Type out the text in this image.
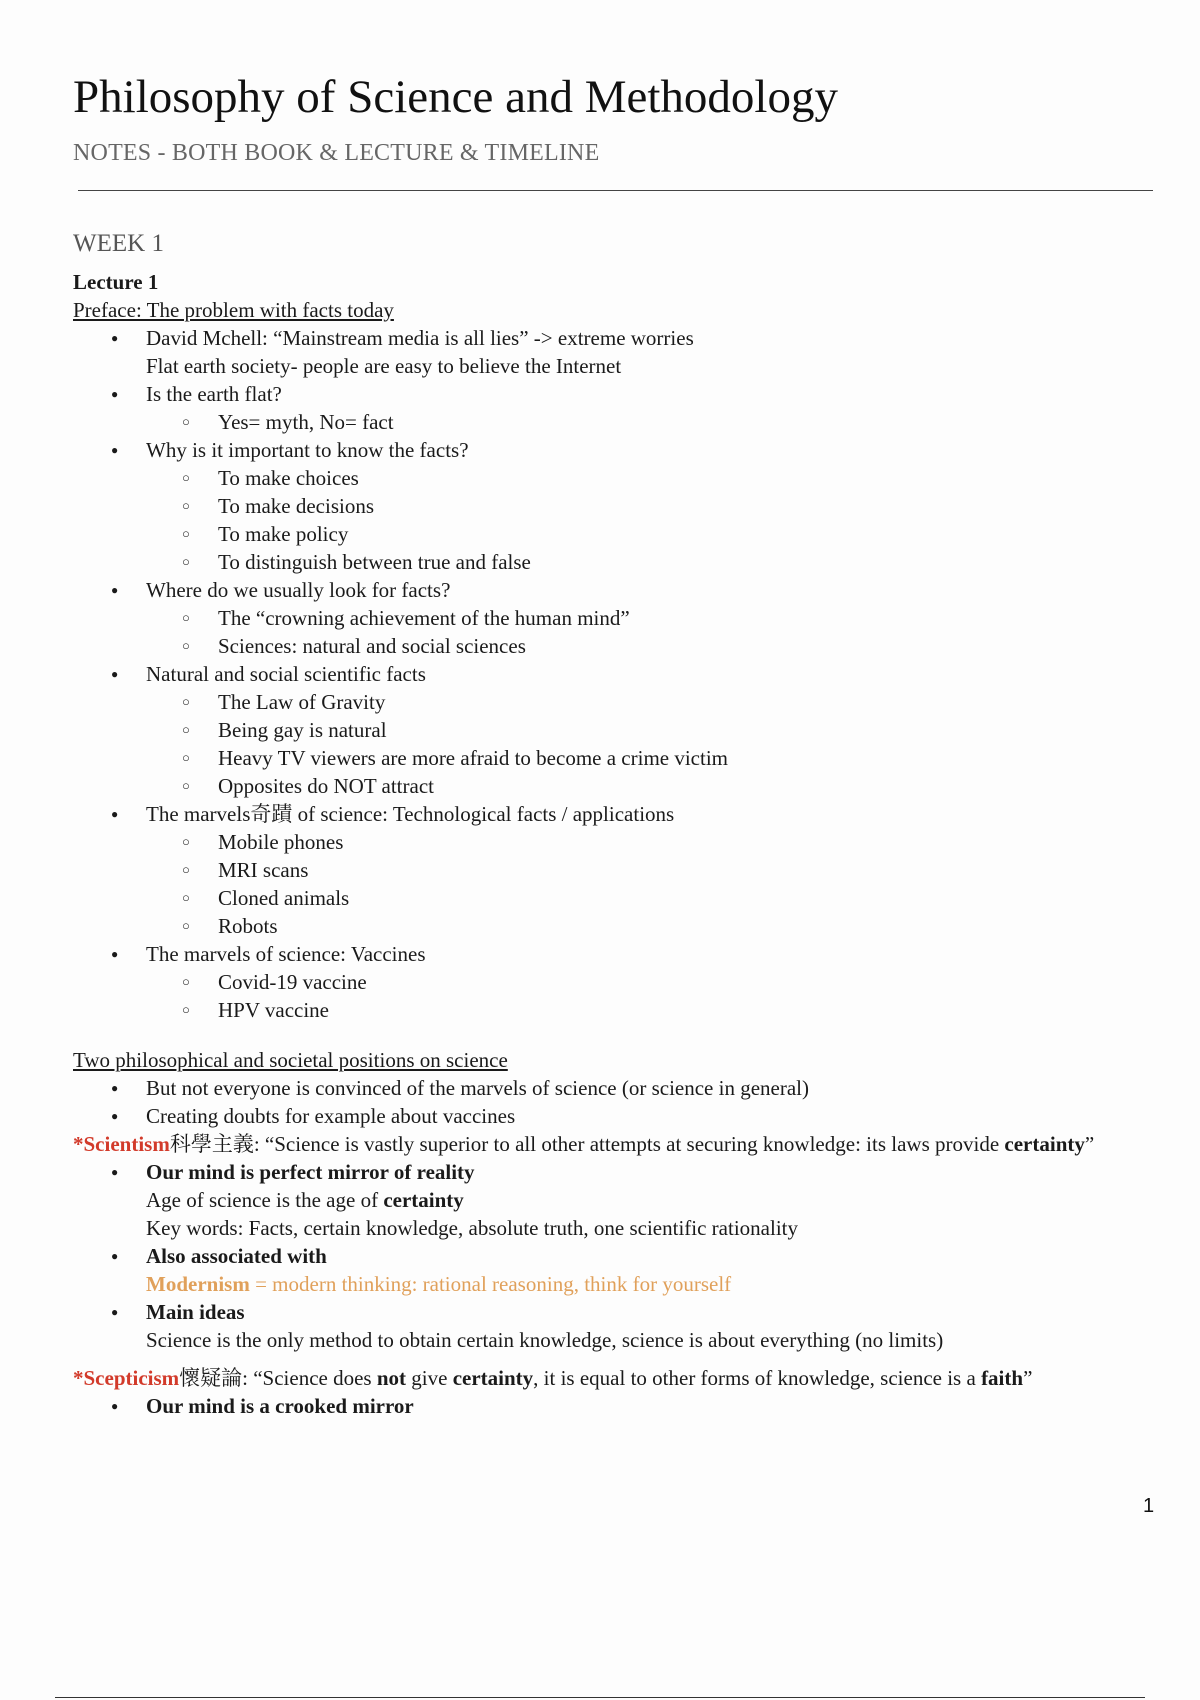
Philosophy of Science and Methodology

NOTES - BOTH BOOK & LECTURE & TIMELINE

WEEK 1
Lecture 1
Preface: The problem with facts today
● David Mchell: “Mainstream media is all lies” -> extreme worries
Flat earth society- people are easy to believe the Internet
● Is the earth flat?
○ Yes= myth, No= fact
● Why is it important to know the facts?
○ To make choices
○ To make decisions
○ To make policy
○ To distinguish between true and false
● Where do we usually look for facts?
○ The “crowning achievement of the human mind”
○ Sciences: natural and social sciences
● Natural and social scientific facts
○ The Law of Gravity
○ Being gay is natural
○ Heavy TV viewers are more afraid to become a crime victim
○ Opposites do NOT attract
● The marvels奇蹟 of science: Technological facts / applications
○ Mobile phones
○ MRI scans
○ Cloned animals
○ Robots
● The marvels of science: Vaccines
○ Covid-19 vaccine
○ HPV vaccine
Two philosophical and societal positions on science
● But not everyone is convinced of the marvels of science (or science in general)
● Creating doubts for example about vaccines
*Scientism科學主義: “Science is vastly superior to all other attempts at securing knowledge: its laws provide certainty”
● Our mind is perfect mirror of reality
Age of science is the age of certainty
Key words: Facts, certain knowledge, absolute truth, one scientific rationality
● Also associated with
Modernism = modern thinking: rational reasoning, think for yourself
● Main ideas
Science is the only method to obtain certain knowledge, science is about everything (no limits)
*Scepticism懷疑論: “Science does not give certainty, it is equal to other forms of knowledge, science is a faith”
● Our mind is a crooked mirror
1
